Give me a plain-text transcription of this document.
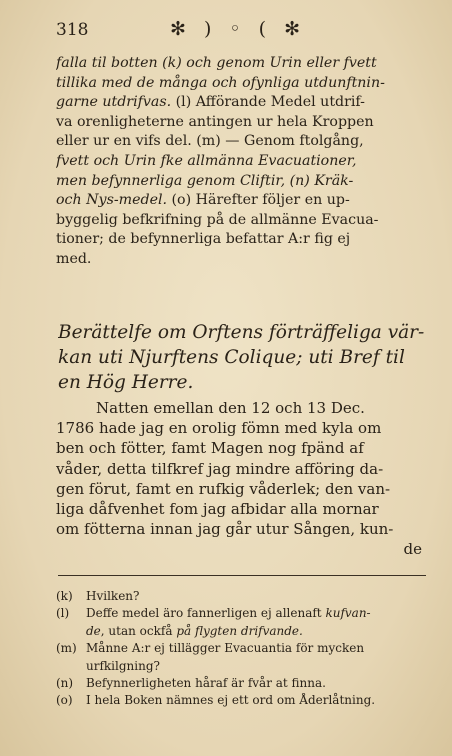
318	✻ ) ◦ ( ✻
falla til botten (k) och genom Urin eller fvett
tillika med de många och ofynliga utdunftnin-
garne utdrifvas. (l) Afförande Medel utdrif-
va orenligheterne antingen ur hela Kroppen
eller ur en vifs del. (m) — Genom ftolgång,
fvett och Urin fke allmänna Evacuationer,
men befynnerliga genom Cliftir, (n) Kräk-
och Nys-medel. (o) Härefter följer en up-
byggelig befkrifning på de allmänne Evacua-
tioner; de befynnerliga befattar A:r fig ej
med.
Berättelfe om Orftens förträffeliga vär-
kan uti Njurftens Colique; uti Bref til
en Hög Herre.
Natten emellan den 12 och 13 Dec.
1786 hade jag en orolig fömn med kyla om
ben och fötter, famt Magen nog fpänd af
våder, detta tilfkref jag mindre afföring da-
gen förut, famt en rufkig våderlek; den van-
liga dåfvenhet fom jag afbidar alla mornar
om fötterna innan jag går utur Sången, kun-
de
(k) Hvilken?
(l) Deffe medel äro fannerligen ej allenaft kufvan-
de, utan ockfå på flygten drifvande.
(m) Månne A:r ej tillägger Evacuantia för mycken
urfkilgning?
(n) Befynnerligheten håraf är fvår at finna.
(o) I hela Boken nämnes ej ett ord om Åderlåtning.
